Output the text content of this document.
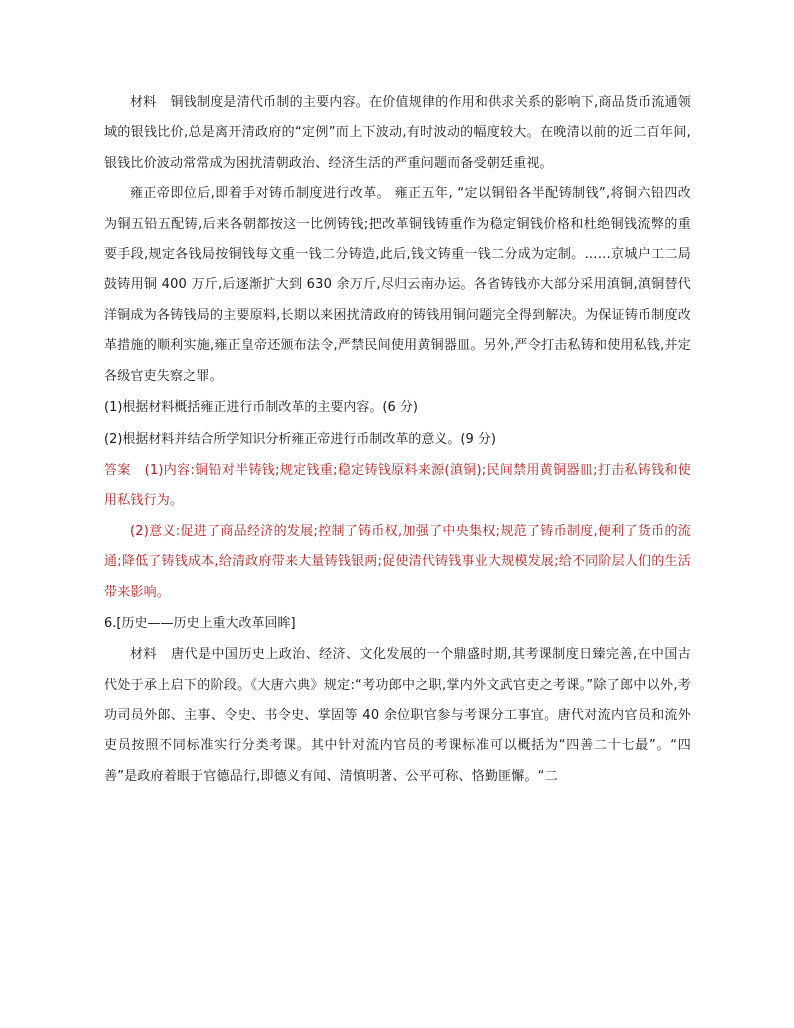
材料 铜钱制度是清代币制的主要内容。在价值规律的作用和供求关系的影响下,商品货币流通领域的银钱比价,总是离开清政府的“定例”而上下波动,有时波动的幅度较大。在晚清以前的近二百年间,银钱比价波动常常成为困扰清朝政治、经济生活的严重问题而备受朝廷重视。

雍正帝即位后,即着手对铸币制度进行改革。 雍正五年, “定以铜铅各半配铸制钱”,将铜六铅四改为铜五铅五配铸,后来各朝都按这一比例铸钱;把改革铜钱铸重作为稳定铜钱价格和杜绝铜钱流弊的重要手段,规定各钱局按铜钱每文重一钱二分铸造,此后,钱文铸重一钱二分成为定制。……京城户工二局鼓铸用铜 400 万斤,后逐渐扩大到 630 余万斤,尽归云南办运。各省铸钱亦大部分采用滇铜,滇铜替代洋铜成为各铸钱局的主要原料,长期以来困扰清政府的铸钱用铜问题完全得到解决。为保证铸币制度改革措施的顺利实施,雍正皇帝还颁布法令,严禁民间使用黄铜器皿。另外,严令打击私铸和使用私钱,并定各级官吏失察之罪。

(1)根据材料概括雍正进行币制改革的主要内容。(6 分)

(2)根据材料并结合所学知识分析雍正帝进行币制改革的意义。(9 分)

答案 (1)内容:铜铅对半铸钱;规定钱重;稳定铸钱原料来源(滇铜);民间禁用黄铜器皿;打击私铸钱和使用私钱行为。

(2)意义:促进了商品经济的发展;控制了铸币权,加强了中央集权;规范了铸币制度,便利了货币的流通;降低了铸钱成本,给清政府带来大量铸钱银两;促使清代铸钱事业大规模发展;给不同阶层人们的生活带来影响。

6.[历史——历史上重大改革回眸]

材料 唐代是中国历史上政治、经济、文化发展的一个鼎盛时期,其考课制度日臻完善,在中国古代处于承上启下的阶段。《大唐六典》规定:“考功郎中之职,掌内外文武官吏之考课。”除了郎中以外,考功司员外郎、主事、令史、书令史、掌固等 40 余位职官参与考课分工事宜。唐代对流内官员和流外吏员按照不同标准实行分类考课。其中针对流内官员的考课标准可以概括为“四善二十七最”。“四善”是政府着眼于官德品行,即德义有闻、清慎明著、公平可称、恪勤匪懈。“二
